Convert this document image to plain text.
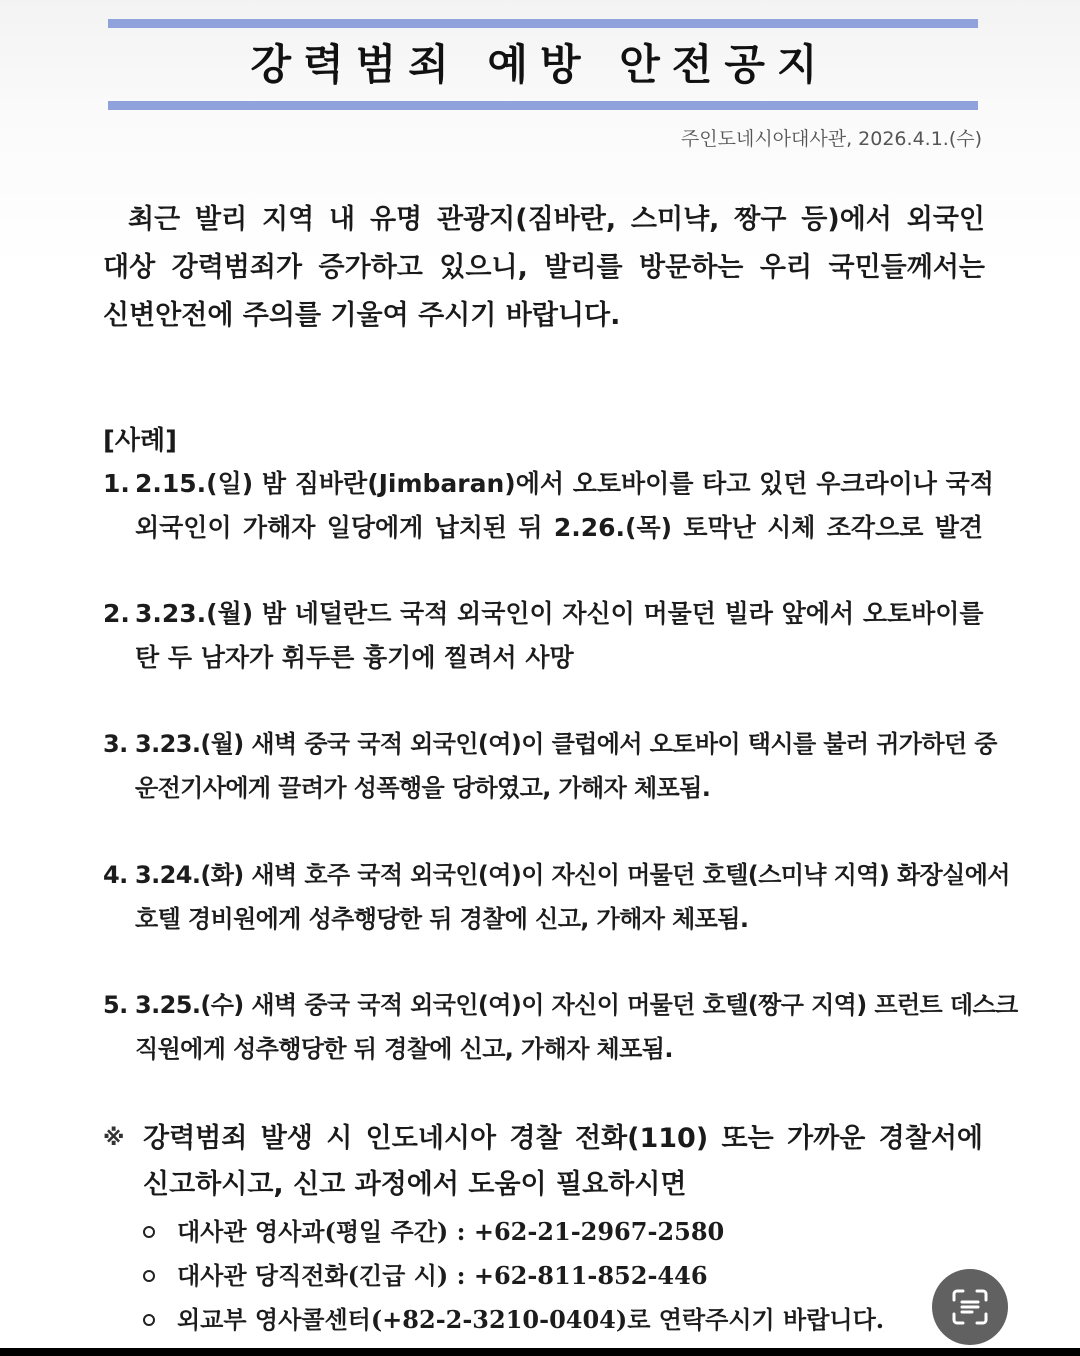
강력범죄 예방 안전공지
주인도네시아대사관, 2026.4.1.(수)
최근 발리 지역 내 유명 관광지(짐바란, 스미냑, 짱구 등)에서 외국인
대상 강력범죄가 증가하고 있으니, 발리를 방문하는 우리 국민들께서는
신변안전에 주의를 기울여 주시기 바랍니다.
[사례]
1. 2.15.(일) 밤 짐바란(Jimbaran)에서 오토바이를 타고 있던 우크라이나 국적
외국인이 가해자 일당에게 납치된 뒤 2.26.(목) 토막난 시체 조각으로 발견
2. 3.23.(월) 밤 네덜란드 국적 외국인이 자신이 머물던 빌라 앞에서 오토바이를
탄 두 남자가 휘두른 흉기에 찔려서 사망
3. 3.23.(월) 새벽 중국 국적 외국인(여)이 클럽에서 오토바이 택시를 불러 귀가하던 중
운전기사에게 끌려가 성폭행을 당하였고, 가해자 체포됨.
4. 3.24.(화) 새벽 호주 국적 외국인(여)이 자신이 머물던 호텔(스미냑 지역) 화장실에서
호텔 경비원에게 성추행당한 뒤 경찰에 신고, 가해자 체포됨.
5. 3.25.(수) 새벽 중국 국적 외국인(여)이 자신이 머물던 호텔(짱구 지역) 프런트 데스크
직원에게 성추행당한 뒤 경찰에 신고, 가해자 체포됨.
※ 강력범죄 발생 시 인도네시아 경찰 전화(110) 또는 가까운 경찰서에
신고하시고, 신고 과정에서 도움이 필요하시면
대사관 영사과(평일 주간) : +62-21-2967-2580
대사관 당직전화(긴급 시) : +62-811-852-446
외교부 영사콜센터(+82-2-3210-0404)로 연락주시기 바랍니다.
